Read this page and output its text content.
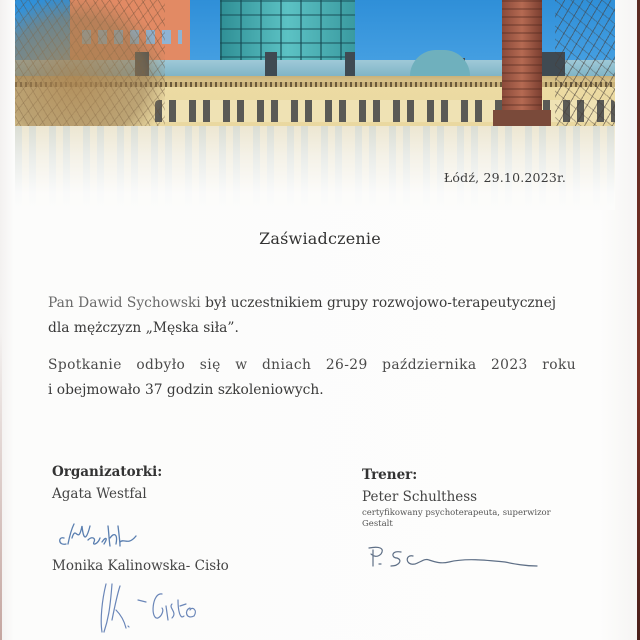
Łódź, 29.10.2023r.
Zaświadczenie
Pan Dawid Sychowski był uczestnikiem grupy rozwojowo-terapeutycznej
dla mężczyzn „Męska siła”.
Spotkanie odbyło się w dniach 26-29 października 2023 roku
i obejmowało 37 godzin szkoleniowych.
Organizatorki:
Agata Westfal
Monika Kalinowska- Cisło
Trener:
Peter Schulthess
certyfikowany psychoterapeuta, superwizor
Gestalt
